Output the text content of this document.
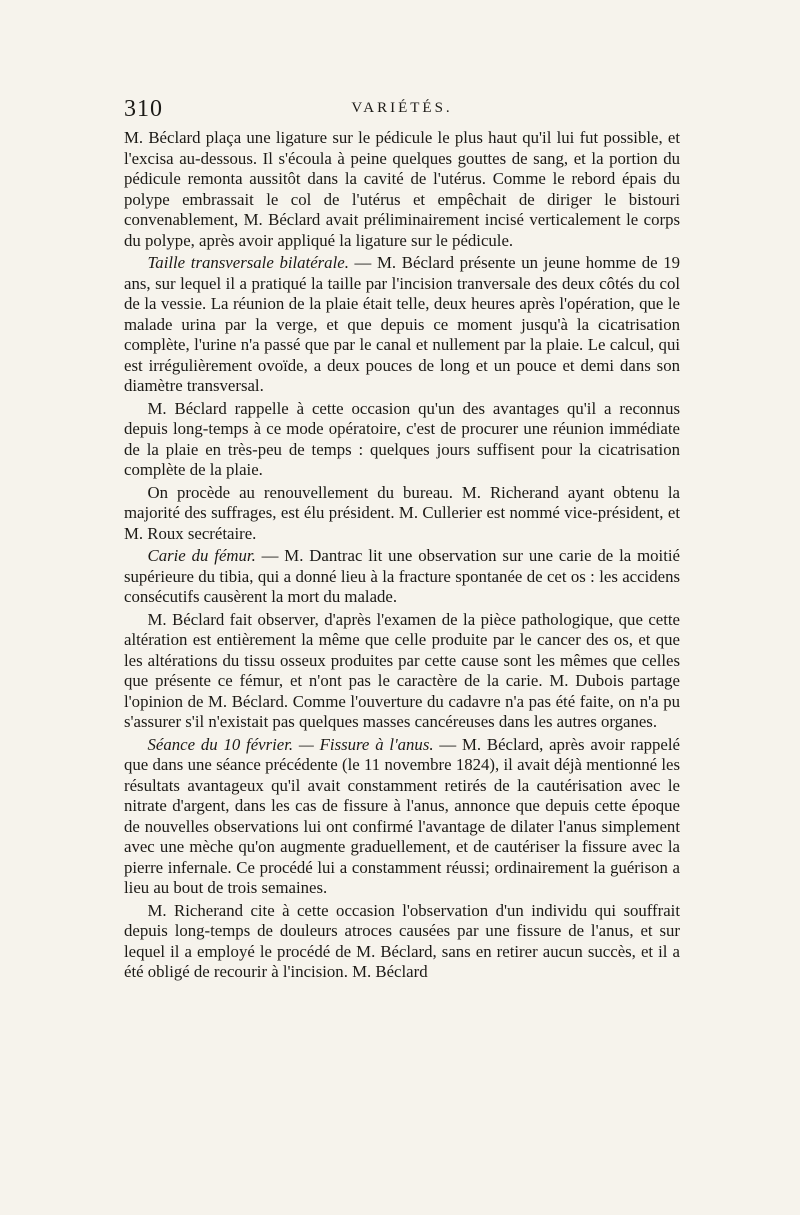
310	VARIÉTÉS.

M. Béclard plaça une ligature sur le pédicule le plus haut qu'il lui fut possible, et l'excisa au-dessous. Il s'écoula à peine quelques gouttes de sang, et la portion du pédicule remonta aussitôt dans la cavité de l'utérus. Comme le rebord épais du polype embrassait le col de l'utérus et empêchait de diriger le bistouri convenablement, M. Béclard avait préliminairement incisé verticalement le corps du polype, après avoir appliqué la ligature sur le pédicule.

Taille transversale bilatérale. — M. Béclard présente un jeune homme de 19 ans, sur lequel il a pratiqué la taille par l'incision tranversale des deux côtés du col de la vessie. La réunion de la plaie était telle, deux heures après l'opération, que le malade urina par la verge, et que depuis ce moment jusqu'à la cicatrisation complète, l'urine n'a passé que par le canal et nullement par la plaie. Le calcul, qui est irrégulièrement ovoïde, a deux pouces de long et un pouce et demi dans son diamètre transversal.

M. Béclard rappelle à cette occasion qu'un des avantages qu'il a reconnus depuis long-temps à ce mode opératoire, c'est de procurer une réunion immédiate de la plaie en très-peu de temps : quelques jours suffisent pour la cicatrisation complète de la plaie.

On procède au renouvellement du bureau. M. Richerand ayant obtenu la majorité des suffrages, est élu président. M. Cullerier est nommé vice-président, et M. Roux secrétaire.

Carie du fémur. — M. Dantrac lit une observation sur une carie de la moitié supérieure du tibia, qui a donné lieu à la fracture spontanée de cet os : les accidens consécutifs causèrent la mort du malade.

M. Béclard fait observer, d'après l'examen de la pièce pathologique, que cette altération est entièrement la même que celle produite par le cancer des os, et que les altérations du tissu osseux produites par cette cause sont les mêmes que celles que présente ce fémur, et n'ont pas le caractère de la carie. M. Dubois partage l'opinion de M. Béclard. Comme l'ouverture du cadavre n'a pas été faite, on n'a pu s'assurer s'il n'existait pas quelques masses cancéreuses dans les autres organes.

Séance du 10 février. — Fissure à l'anus. — M. Béclard, après avoir rappelé que dans une séance précédente (le 11 novembre 1824), il avait déjà mentionné les résultats avantageux qu'il avait constamment retirés de la cautérisation avec le nitrate d'argent, dans les cas de fissure à l'anus, annonce que depuis cette époque de nouvelles observations lui ont confirmé l'avantage de dilater l'anus simplement avec une mèche qu'on augmente graduellement, et de cautériser la fissure avec la pierre infernale. Ce procédé lui a constamment réussi; ordinairement la guérison a lieu au bout de trois semaines.

M. Richerand cite à cette occasion l'observation d'un individu qui souffrait depuis long-temps de douleurs atroces causées par une fissure de l'anus, et sur lequel il a employé le procédé de M. Béclard, sans en retirer aucun succès, et il a été obligé de recourir à l'incision. M. Béclard
